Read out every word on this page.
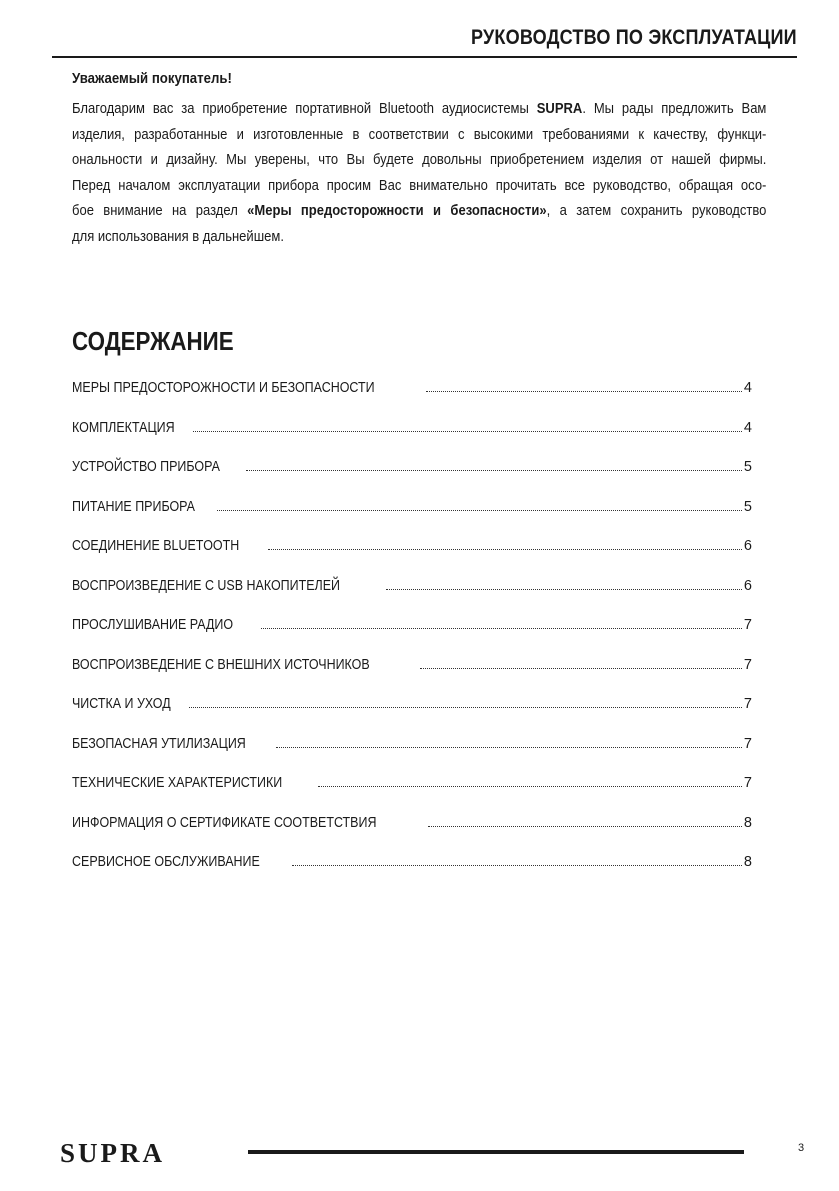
РУКОВОДСТВО ПО ЭКСПЛУАТАЦИИ
Уважаемый покупатель!
Благодарим вас за приобретение портативной Bluetooth аудиосистемы SUPRA. Мы рады предложить Вам
изделия, разработанные и изготовленные в соответствии с высокими требованиями к качеству, функци-
ональности и дизайну. Мы уверены, что Вы будете довольны приобретением изделия от нашей фирмы.
Перед началом эксплуатации прибора просим Вас внимательно прочитать все руководство, обращая осо-
бое внимание на раздел «Меры предосторожности и безопасности», а затем сохранить руководство
для использования в дальнейшем.
СОДЕРЖАНИЕ
МЕРЫ ПРЕДОСТОРОЖНОСТИ И БЕЗОПАСНОСТИ	4
КОМПЛЕКТАЦИЯ	4
УСТРОЙСТВО ПРИБОРА	5
ПИТАНИЕ ПРИБОРА	5
СОЕДИНЕНИЕ BLUETOOTH	6
ВОСПРОИЗВЕДЕНИЕ С USB НАКОПИТЕЛЕЙ	6
ПРОСЛУШИВАНИЕ РАДИО	7
ВОСПРОИЗВЕДЕНИЕ С ВНЕШНИХ ИСТОЧНИКОВ	7
ЧИСТКА И УХОД	7
БЕЗОПАСНАЯ УТИЛИЗАЦИЯ	7
ТЕХНИЧЕСКИЕ ХАРАКТЕРИСТИКИ	7
ИНФОРМАЦИЯ О СЕРТИФИКАТЕ СООТВЕТСТВИЯ	8
СЕРВИСНОЕ ОБСЛУЖИВАНИЕ	8
SUPRA	3
